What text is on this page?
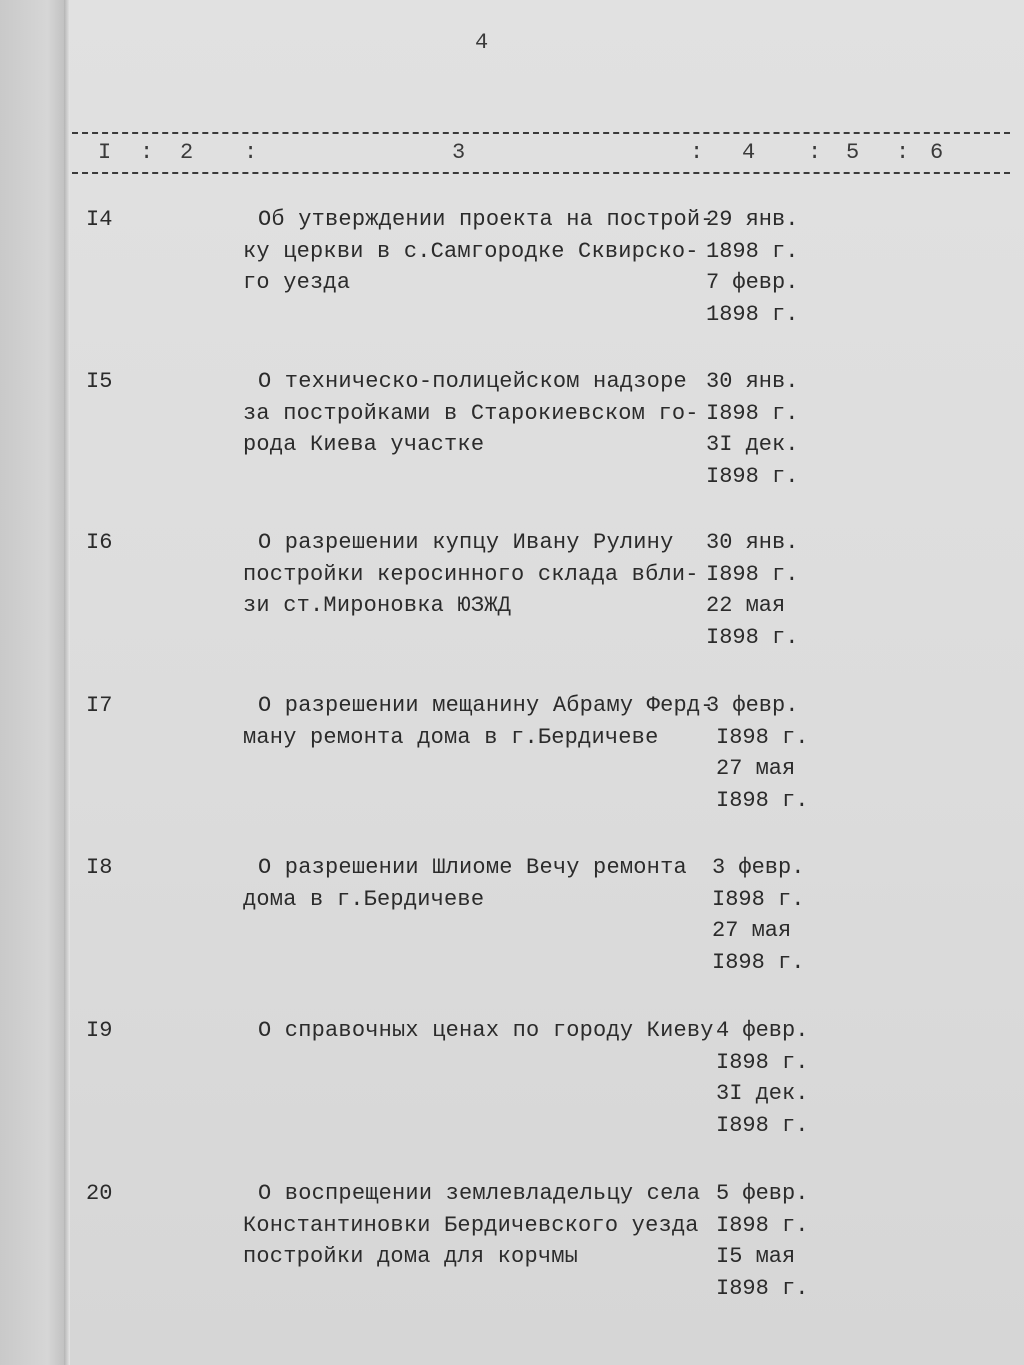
4
I : 2 :	3	: 4 : 5 : 6
I4	Об утверждении проекта на построй-
ку церкви в с.Самгородке Сквирско-
го уезда
29 янв.
1898 г.
7 февр.
1898 г.
I5	О техническо-полицейском надзоре
за постройками в Старокиевском го-
рода Киева участке
30 янв.
I898 г.
3I дек.
I898 г.
I6	О разрешении купцу Ивану Рулину
постройки керосинного склада вбли-
зи ст.Мироновка ЮЗЖД
30 янв.
I898 г.
22 мая
I898 г.
I7	О разрешении мещанину Абраму Ферд-
ману ремонта дома в г.Бердичеве
3 февр.
I898 г.
27 мая
I898 г.
I8	О разрешении Шлиоме Вечу ремонта
дома в г.Бердичеве
3 февр.
I898 г.
27 мая
I898 г.
I9	О справочных ценах по городу Киеву 4 февр.
I898 г.
3I дек.
I898 г.
20	О воспрещении землевладельцу села
Константиновки Бердичевского уезда
постройки дома для корчмы
5 февр.
I898 г.
I5 мая
I898 г.
